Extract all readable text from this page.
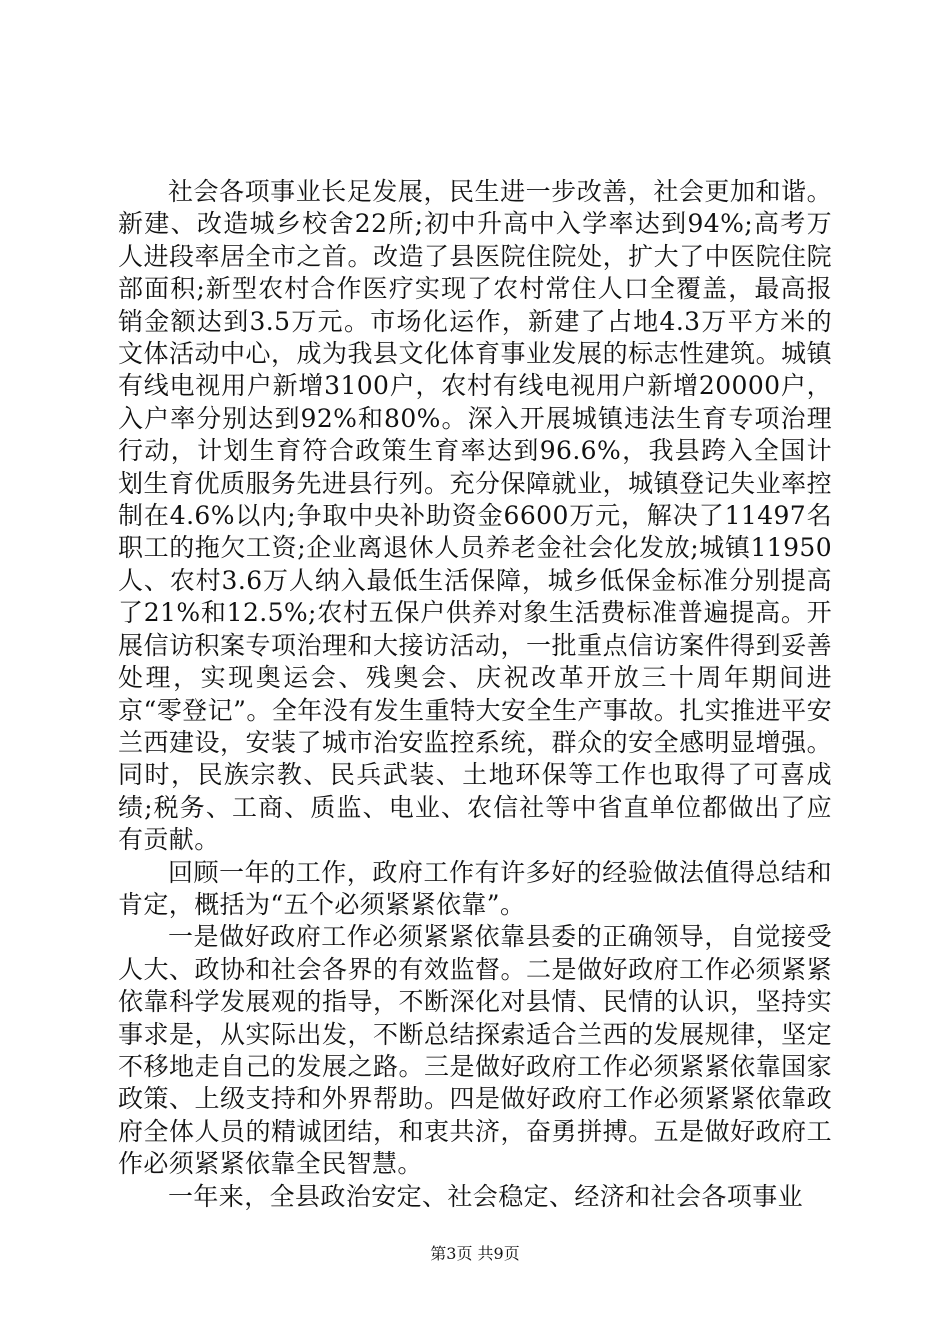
社会各项事业长足发展，民生进一步改善，社会更加和谐。新建、改造城乡校舍22所;初中升高中入学率达到94%;高考万人进段率居全市之首。改造了县医院住院处，扩大了中医院住院部面积;新型农村合作医疗实现了农村常住人口全覆盖，最高报销金额达到3.5万元。市场化运作，新建了占地4.3万平方米的文体活动中心，成为我县文化体育事业发展的标志性建筑。城镇有线电视用户新增3100户，农村有线电视用户新增20000户，入户率分别达到92%和80%。深入开展城镇违法生育专项治理行动，计划生育符合政策生育率达到96.6%，我县跨入全国计划生育优质服务先进县行列。充分保障就业，城镇登记失业率控制在4.6%以内;争取中央补助资金6600万元，解决了11497名职工的拖欠工资;企业离退休人员养老金社会化发放;城镇11950人、农村3.6万人纳入最低生活保障，城乡低保金标准分别提高了21%和12.5%;农村五保户供养对象生活费标准普遍提高。开展信访积案专项治理和大接访活动，一批重点信访案件得到妥善处理，实现奥运会、残奥会、庆祝改革开放三十周年期间进京“零登记”。全年没有发生重特大安全生产事故。扎实推进平安兰西建设，安装了城市治安监控系统，群众的安全感明显增强。同时，民族宗教、民兵武装、土地环保等工作也取得了可喜成绩;税务、工商、质监、电业、农信社等中省直单位都做出了应有贡献。

回顾一年的工作，政府工作有许多好的经验做法值得总结和肯定，概括为“五个必须紧紧依靠”。

一是做好政府工作必须紧紧依靠县委的正确领导，自觉接受人大、政协和社会各界的有效监督。二是做好政府工作必须紧紧依靠科学发展观的指导，不断深化对县情、民情的认识，坚持实事求是，从实际出发，不断总结探索适合兰西的发展规律，坚定不移地走自己的发展之路。三是做好政府工作必须紧紧依靠国家政策、上级支持和外界帮助。四是做好政府工作必须紧紧依靠政府全体人员的精诚团结，和衷共济，奋勇拼搏。五是做好政府工作必须紧紧依靠全民智慧。

一年来，全县政治安定、社会稳定、经济和社会各项事业

第3页 共9页
